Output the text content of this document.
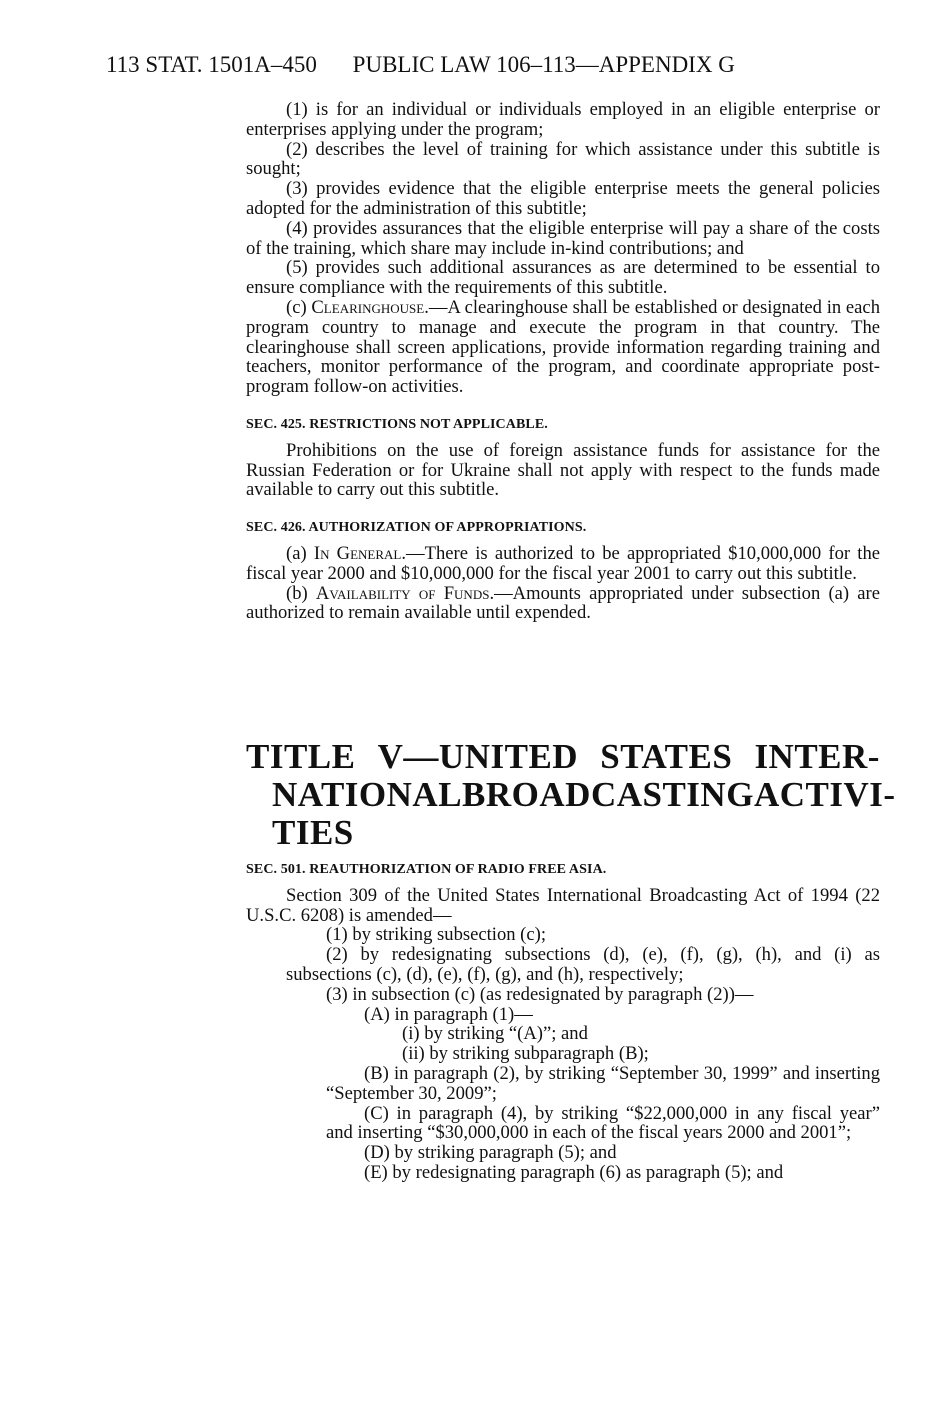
113 STAT. 1501A–450 PUBLIC LAW 106–113—APPENDIX G

(1) is for an individual or individuals employed in an eligible enterprise or enterprises applying under the program;

(2) describes the level of training for which assistance under this subtitle is sought;

(3) provides evidence that the eligible enterprise meets the general policies adopted for the administration of this subtitle;

(4) provides assurances that the eligible enterprise will pay a share of the costs of the training, which share may include in-kind contributions; and

(5) provides such additional assurances as are determined to be essential to ensure compliance with the requirements of this subtitle.

(c) Clearinghouse.—A clearinghouse shall be established or designated in each program country to manage and execute the program in that country. The clearinghouse shall screen applications, provide information regarding training and teachers, monitor performance of the program, and coordinate appropriate post-program follow-on activities.

SEC. 425. RESTRICTIONS NOT APPLICABLE.

Prohibitions on the use of foreign assistance funds for assistance for the Russian Federation or for Ukraine shall not apply with respect to the funds made available to carry out this subtitle.

SEC. 426. AUTHORIZATION OF APPROPRIATIONS.

(a) In General.—There is authorized to be appropriated $10,000,000 for the fiscal year 2000 and $10,000,000 for the fiscal year 2001 to carry out this subtitle.

(b) Availability of Funds.—Amounts appropriated under subsection (a) are authorized to remain available until expended.

TITLE V—UNITED STATES INTER-
NATIONAL BROADCASTING ACTIVI-
TIES
SEC. 501. REAUTHORIZATION OF RADIO FREE ASIA.

Section 309 of the United States International Broadcasting Act of 1994 (22 U.S.C. 6208) is amended—

(1) by striking subsection (c);

(2) by redesignating subsections (d), (e), (f), (g), (h), and (i) as subsections (c), (d), (e), (f), (g), and (h), respectively;

(3) in subsection (c) (as redesignated by paragraph (2))—

(A) in paragraph (1)—

(i) by striking “(A)”; and

(ii) by striking subparagraph (B);

(B) in paragraph (2), by striking “September 30, 1999” and inserting “September 30, 2009”;

(C) in paragraph (4), by striking “$22,000,000 in any fiscal year” and inserting “$30,000,000 in each of the fiscal years 2000 and 2001”;

(D) by striking paragraph (5); and

(E) by redesignating paragraph (6) as paragraph (5); and
